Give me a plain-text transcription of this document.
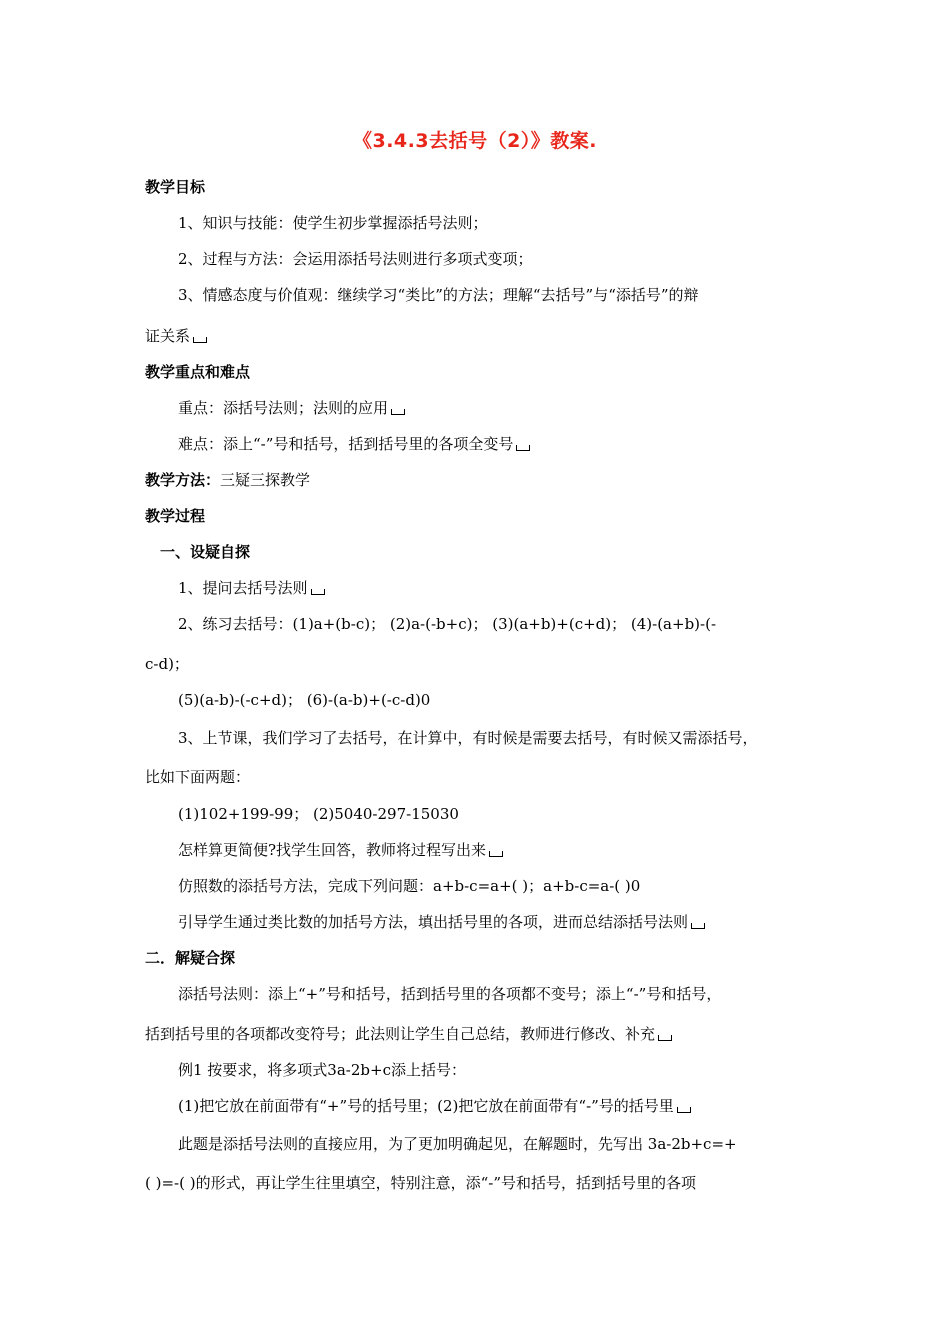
《3.4.3去括号（2）》教案.
教学目标
1、知识与技能：使学生初步掌握添括号法则；
2、过程与方法：会运用添括号法则进行多项式变项；
3、情感态度与价值观：继续学习“类比”的方法；理解“去括号”与“添括号”的辩
证关系
教学重点和难点
重点：添括号法则；法则的应用
难点：添上“-”号和括号，括到括号里的各项全变号
教学方法：三疑三探教学
教学过程
一、设疑自探
1、提问去括号法则
2、练习去括号：(1)a+(b-c)； (2)a-(-b+c)； (3)(a+b)+(c+d)； (4)-(a+b)-(-
c-d)；
(5)(a-b)-(-c+d)； (6)-(a-b)+(-c-d)0
3、上节课，我们学习了去括号，在计算中，有时候是需要去括号，有时候又需添括号，
比如下面两题：
(1)102+199-99； (2)5040-297-15030
怎样算更简便?找学生回答，教师将过程写出来
仿照数的添括号方法，完成下列问题：a+b-c=a+( )；a+b-c=a-( )0
引导学生通过类比数的加括号方法，填出括号里的各项，进而总结添括号法则
二．解疑合探
添括号法则：添上“+”号和括号，括到括号里的各项都不变号；添上“-”号和括号，
括到括号里的各项都改变符号；此法则让学生自己总结，教师进行修改、补充
例1 按要求，将多项式3a-2b+c添上括号：
(1)把它放在前面带有“+”号的括号里；(2)把它放在前面带有“-”号的括号里
此题是添括号法则的直接应用，为了更加明确起见，在解题时，先写出 3a-2b+c=+
( )=-( )的形式，再让学生往里填空，特别注意，添“-”号和括号，括到括号里的各项
